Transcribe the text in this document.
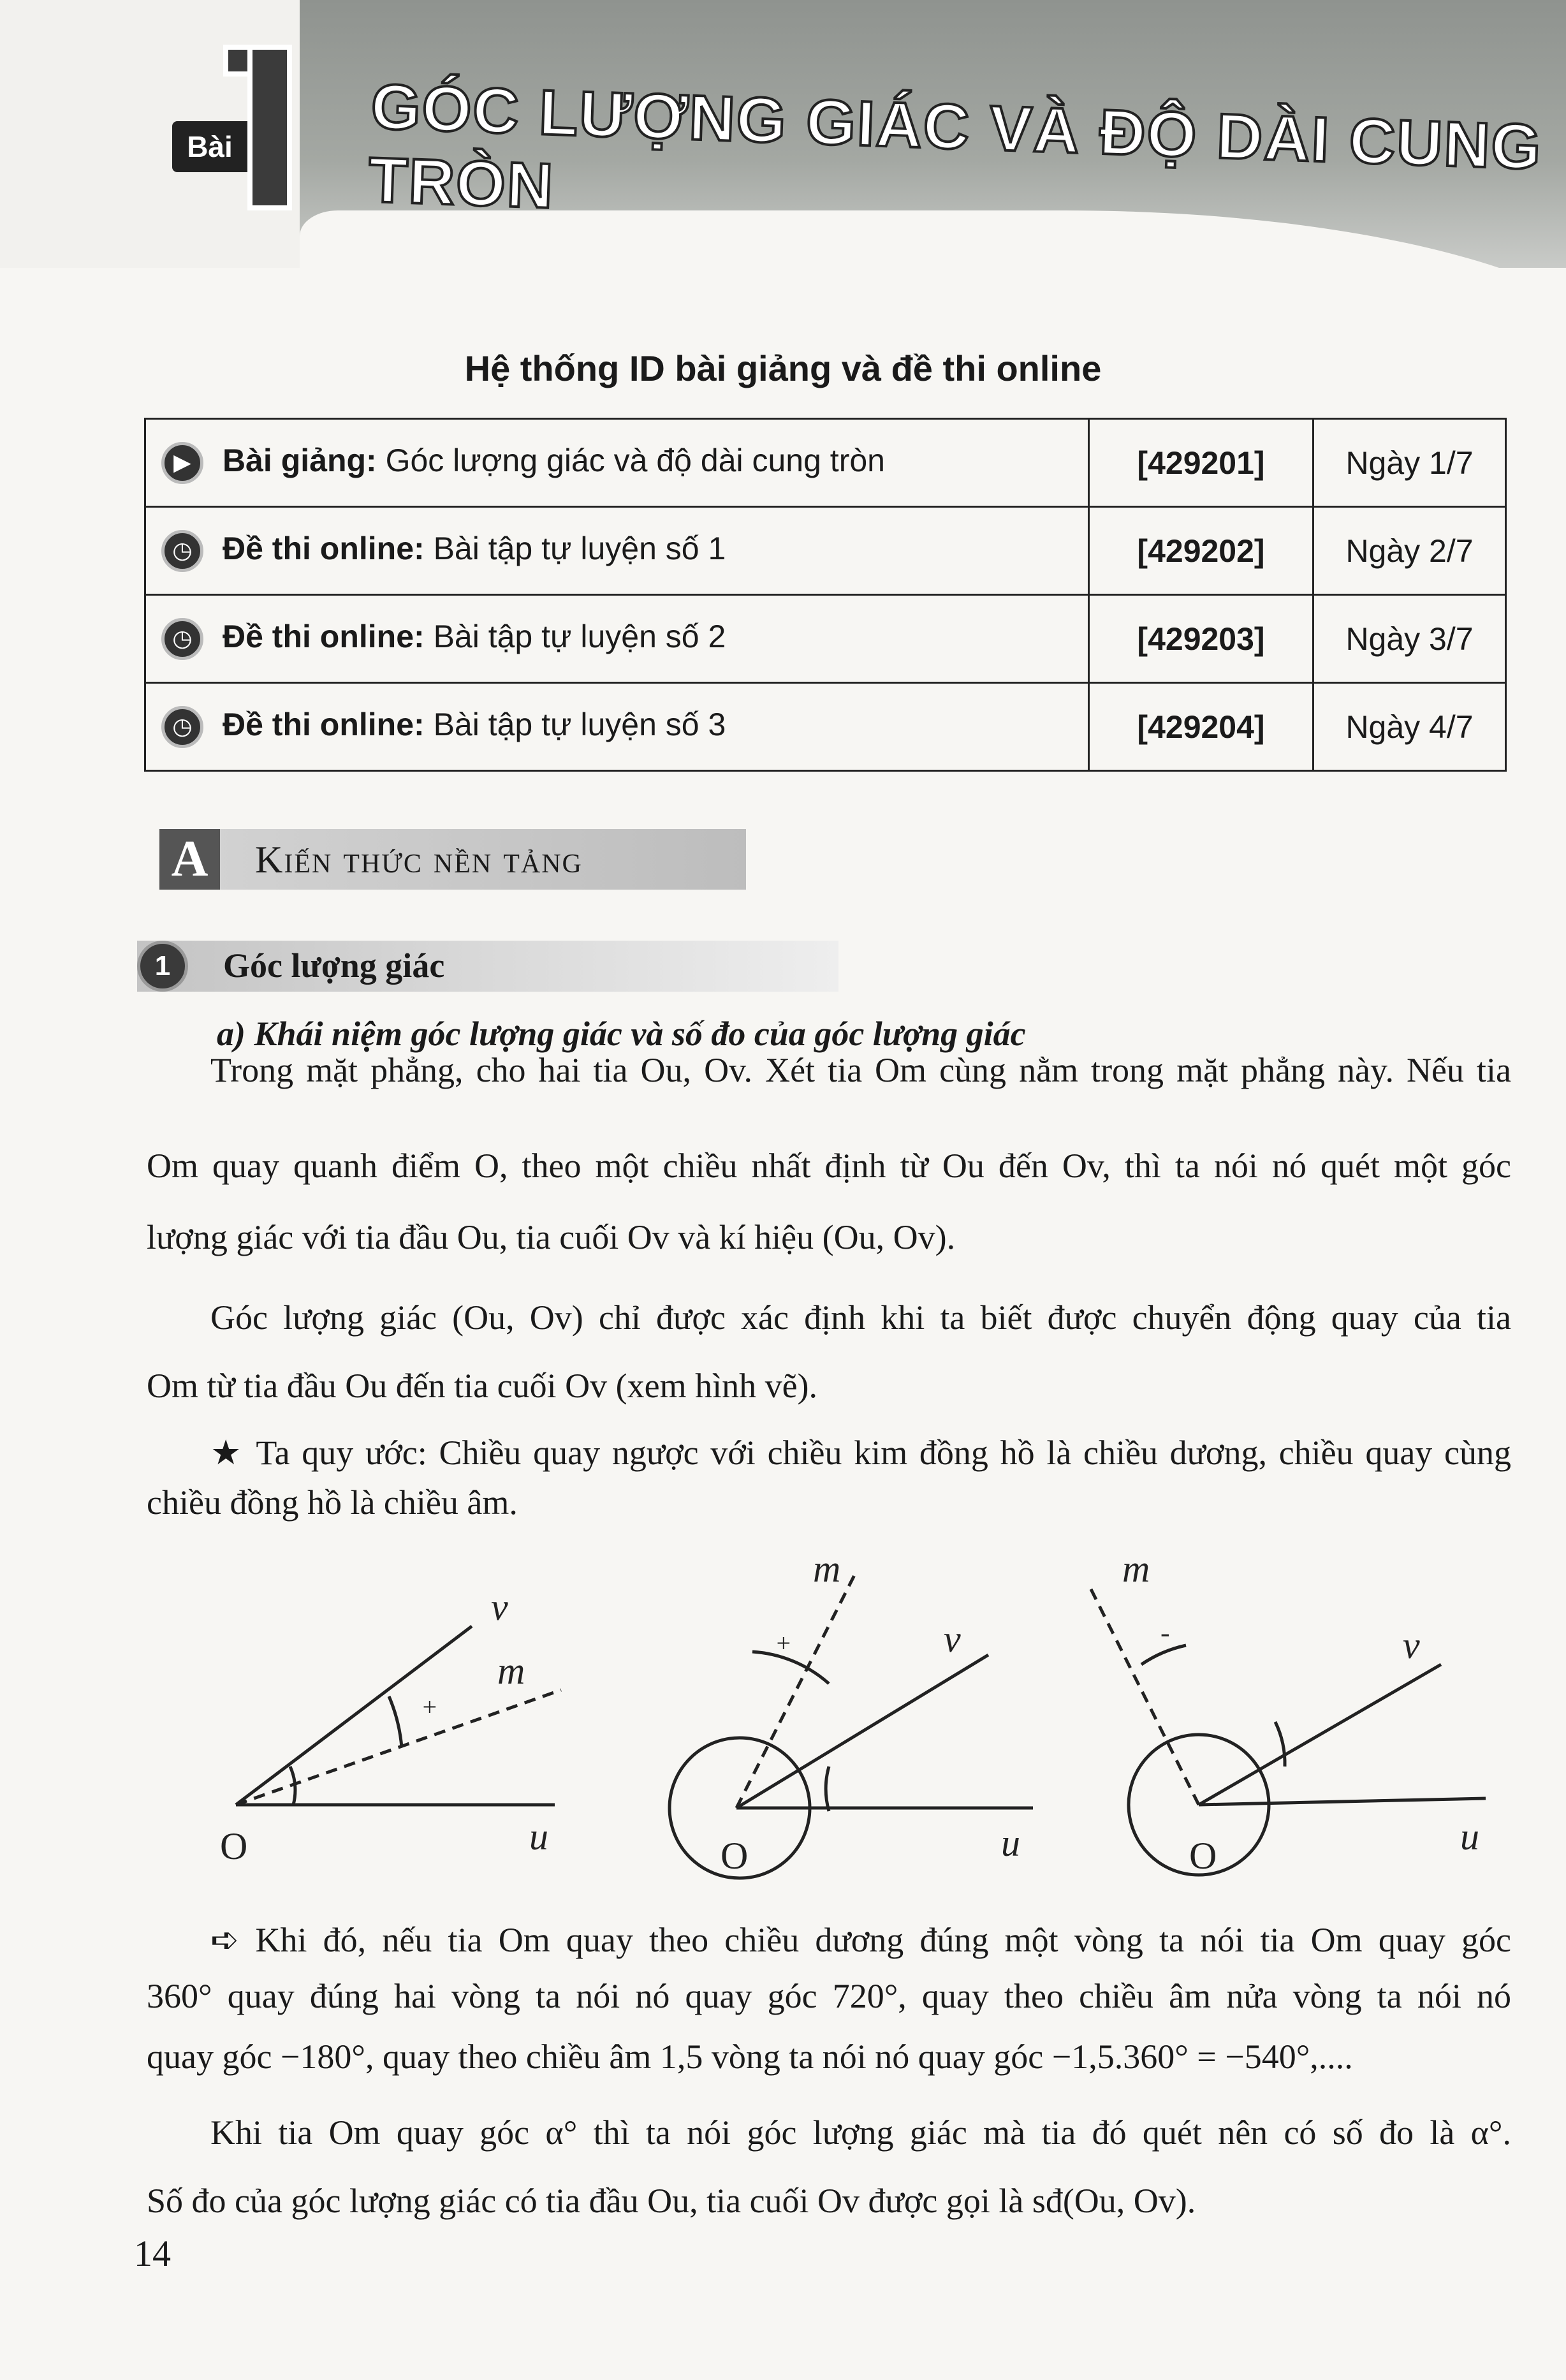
Bài GÓC LƯỢNG GIÁC VÀ ĐỘ DÀI CUNG TRÒN
Hệ thống ID bài giảng và đề thi online
▶ Bài giảng: Góc lượng giác và độ dài cung tròn	[429201]	Ngày 1/7
◷ Đề thi online: Bài tập tự luyện số 1	[429202]	Ngày 2/7
◷ Đề thi online: Bài tập tự luyện số 2	[429203]	Ngày 3/7
◷ Đề thi online: Bài tập tự luyện số 3	[429204]	Ngày 4/7
A	Kiến thức nền tảng
1	Góc lượng giác
a) Khái niệm góc lượng giác và số đo của góc lượng giác
Trong mặt phẳng, cho hai tia Ou, Ov. Xét tia Om cùng nằm trong mặt phẳng này. Nếu tia
Om quay quanh điểm O, theo một chiều nhất định từ Ou đến Ov, thì ta nói nó quét một góc
lượng giác với tia đầu Ou, tia cuối Ov và kí hiệu (Ou, Ov).
Góc lượng giác (Ou, Ov) chỉ được xác định khi ta biết được chuyển động quay của tia
Om từ tia đầu Ou đến tia cuối Ov (xem hình vẽ).
★ Ta quy ước: Chiều quay ngược với chiều kim đồng hồ là chiều dương, chiều quay cùng
chiều đồng hồ là chiều âm.
O	u
v
m
+
O	u
v
m
+
O	u
v
m
-
➪ Khi đó, nếu tia Om quay theo chiều dương đúng một vòng ta nói tia Om quay góc
360° quay đúng hai vòng ta nói nó quay góc 720°, quay theo chiều âm nửa vòng ta nói nó
quay góc −180°, quay theo chiều âm 1,5 vòng ta nói nó quay góc −1,5.360° = −540°,....
Khi tia Om quay góc α° thì ta nói góc lượng giác mà tia đó quét nên có số đo là α°.
Số đo của góc lượng giác có tia đầu Ou, tia cuối Ov được gọi là sđ(Ou, Ov).
14
